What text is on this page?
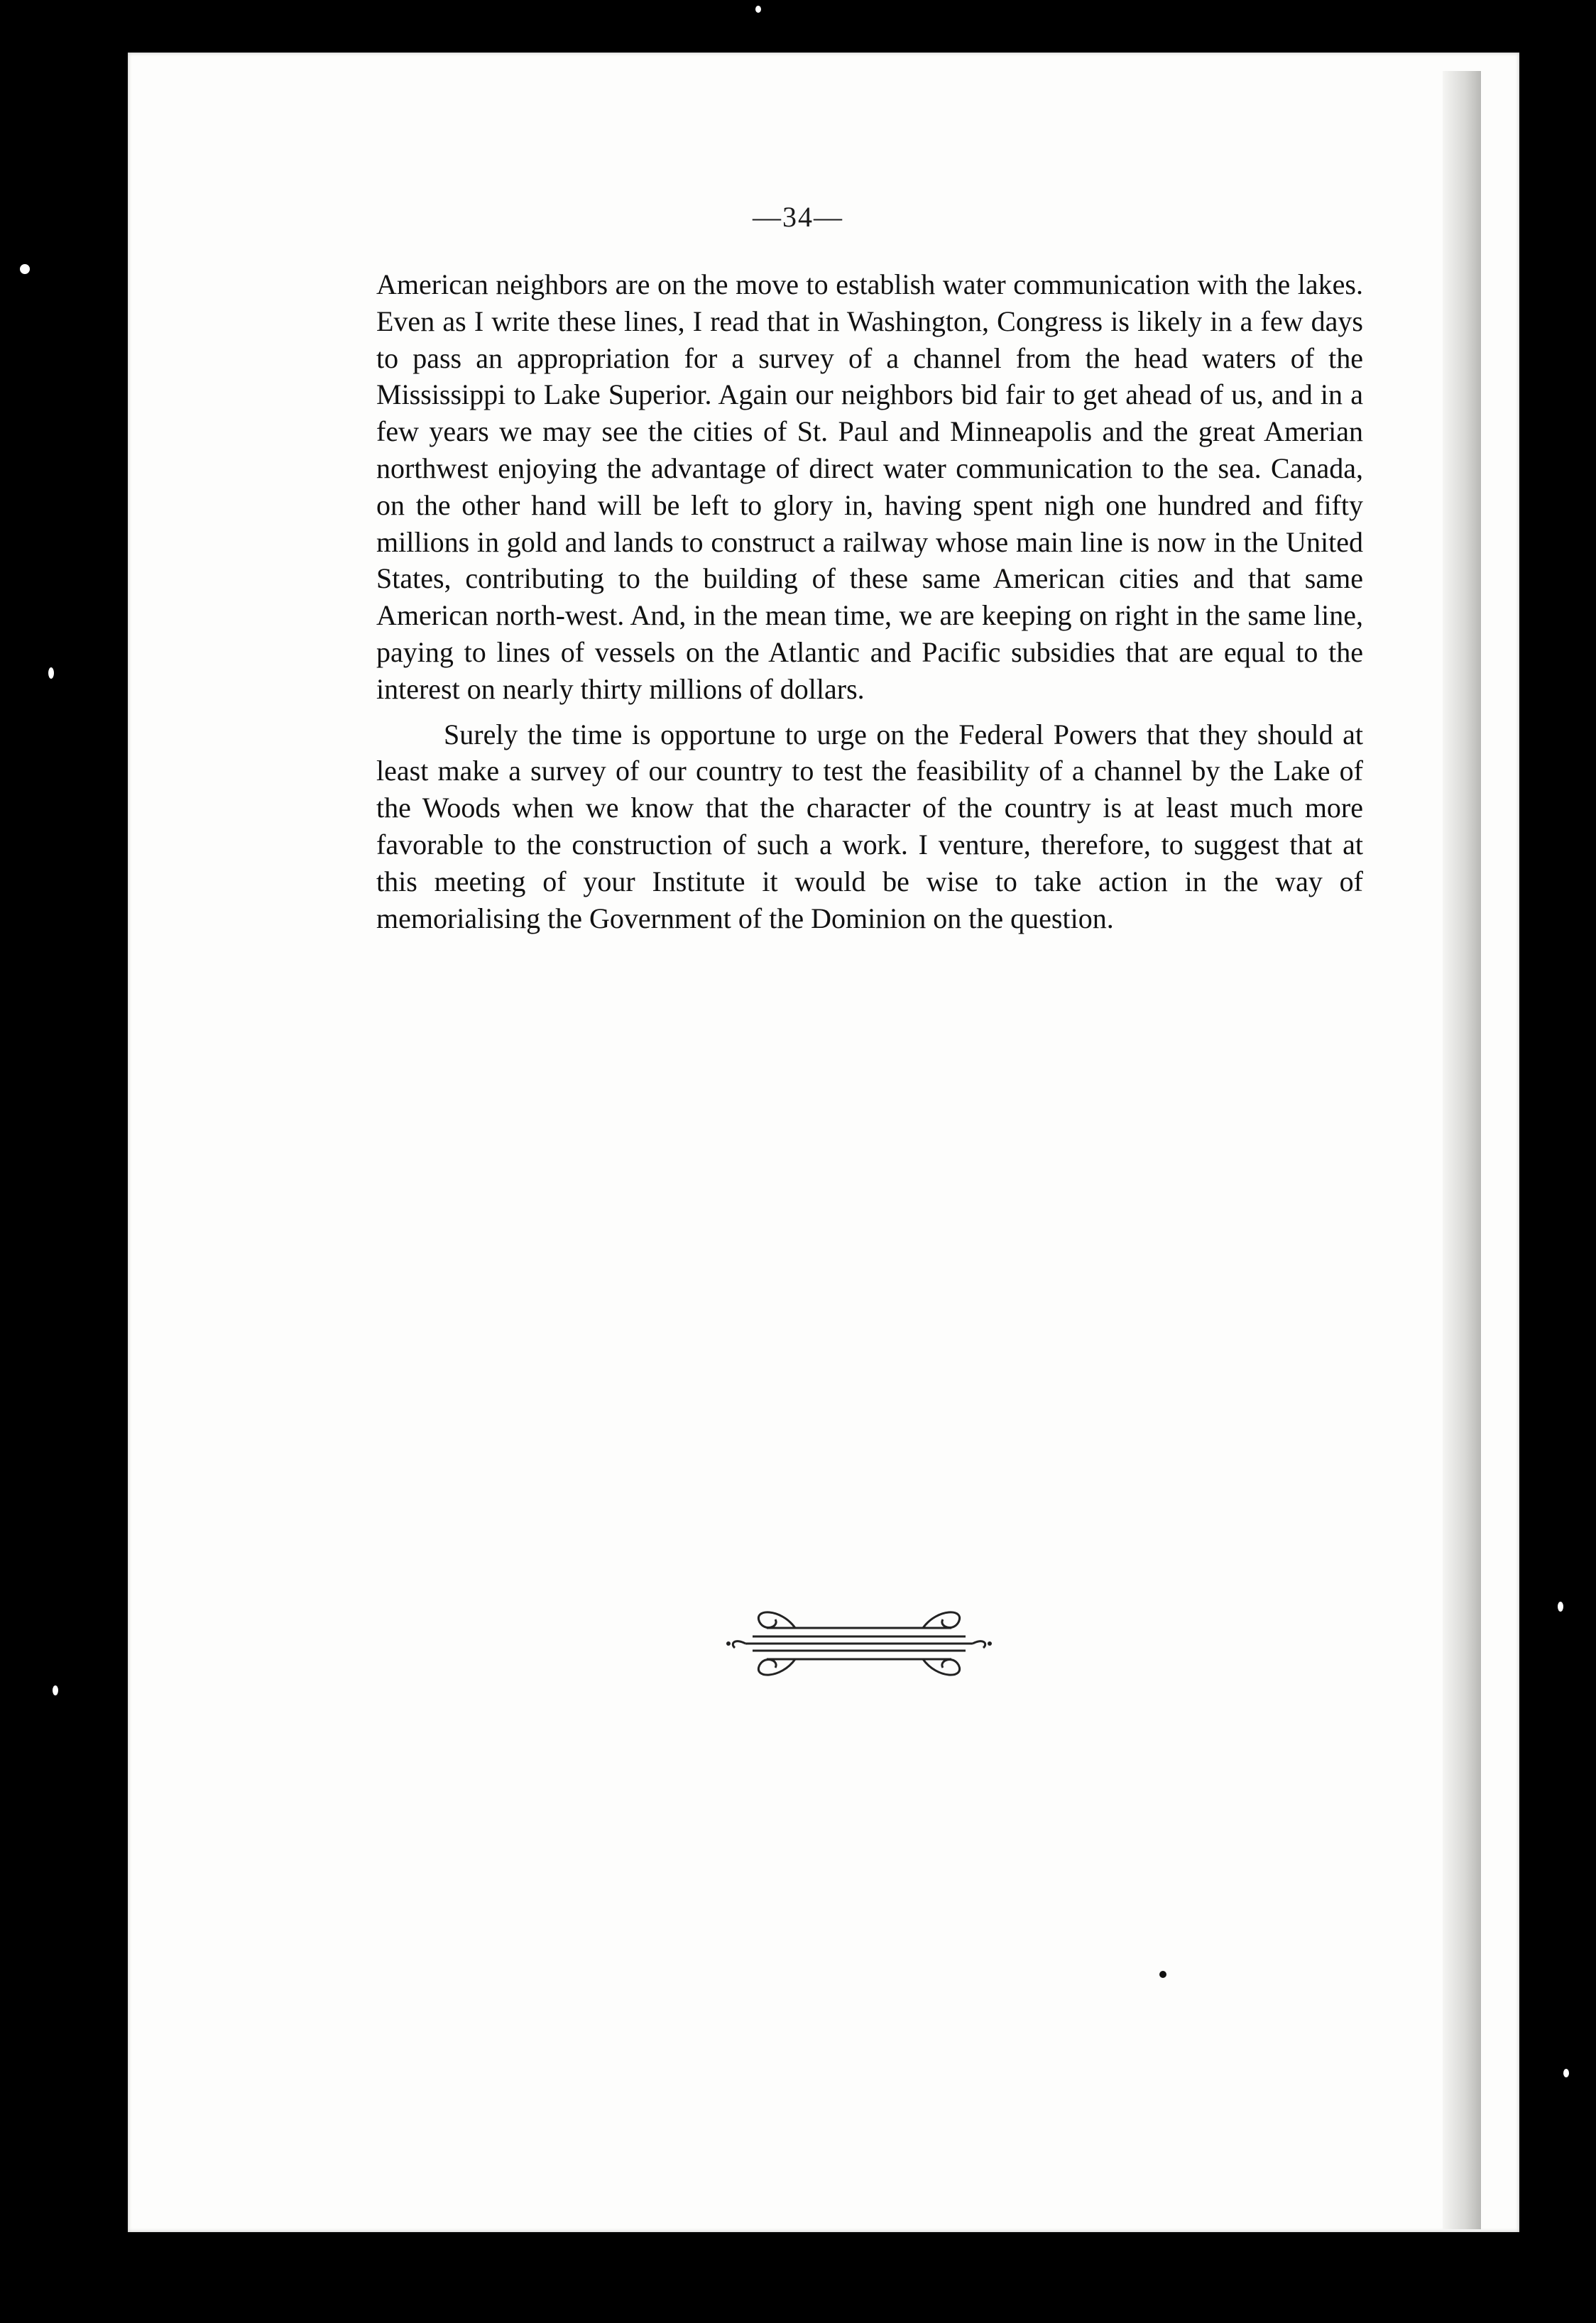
—34—

American neighbors are on the move to establish water communication with the lakes. Even as I write these lines, I read that in Washington, Congress is likely in a few days to pass an appropriation for a survey of a channel from the head waters of the Mississippi to Lake Superior. Again our neighbors bid fair to get ahead of us, and in a few years we may see the cities of St. Paul and Minneapolis and the great Amerian northwest enjoying the advantage of direct water communication to the sea. Canada, on the other hand will be left to glory in, having spent nigh one hundred and fifty millions in gold and lands to construct a railway whose main line is now in the United States, contributing to the building of these same American cities and that same American north-west. And, in the mean time, we are keeping on right in the same line, paying to lines of vessels on the Atlantic and Pacific subsidies that are equal to the interest on nearly thirty millions of dollars.

Surely the time is opportune to urge on the Federal Powers that they should at least make a survey of our country to test the feasibility of a channel by the Lake of the Woods when we know that the character of the country is at least much more favorable to the construction of such a work. I venture, therefore, to suggest that at this meeting of your Institute it would be wise to take action in the way of memorialising the Government of the Dominion on the question.
